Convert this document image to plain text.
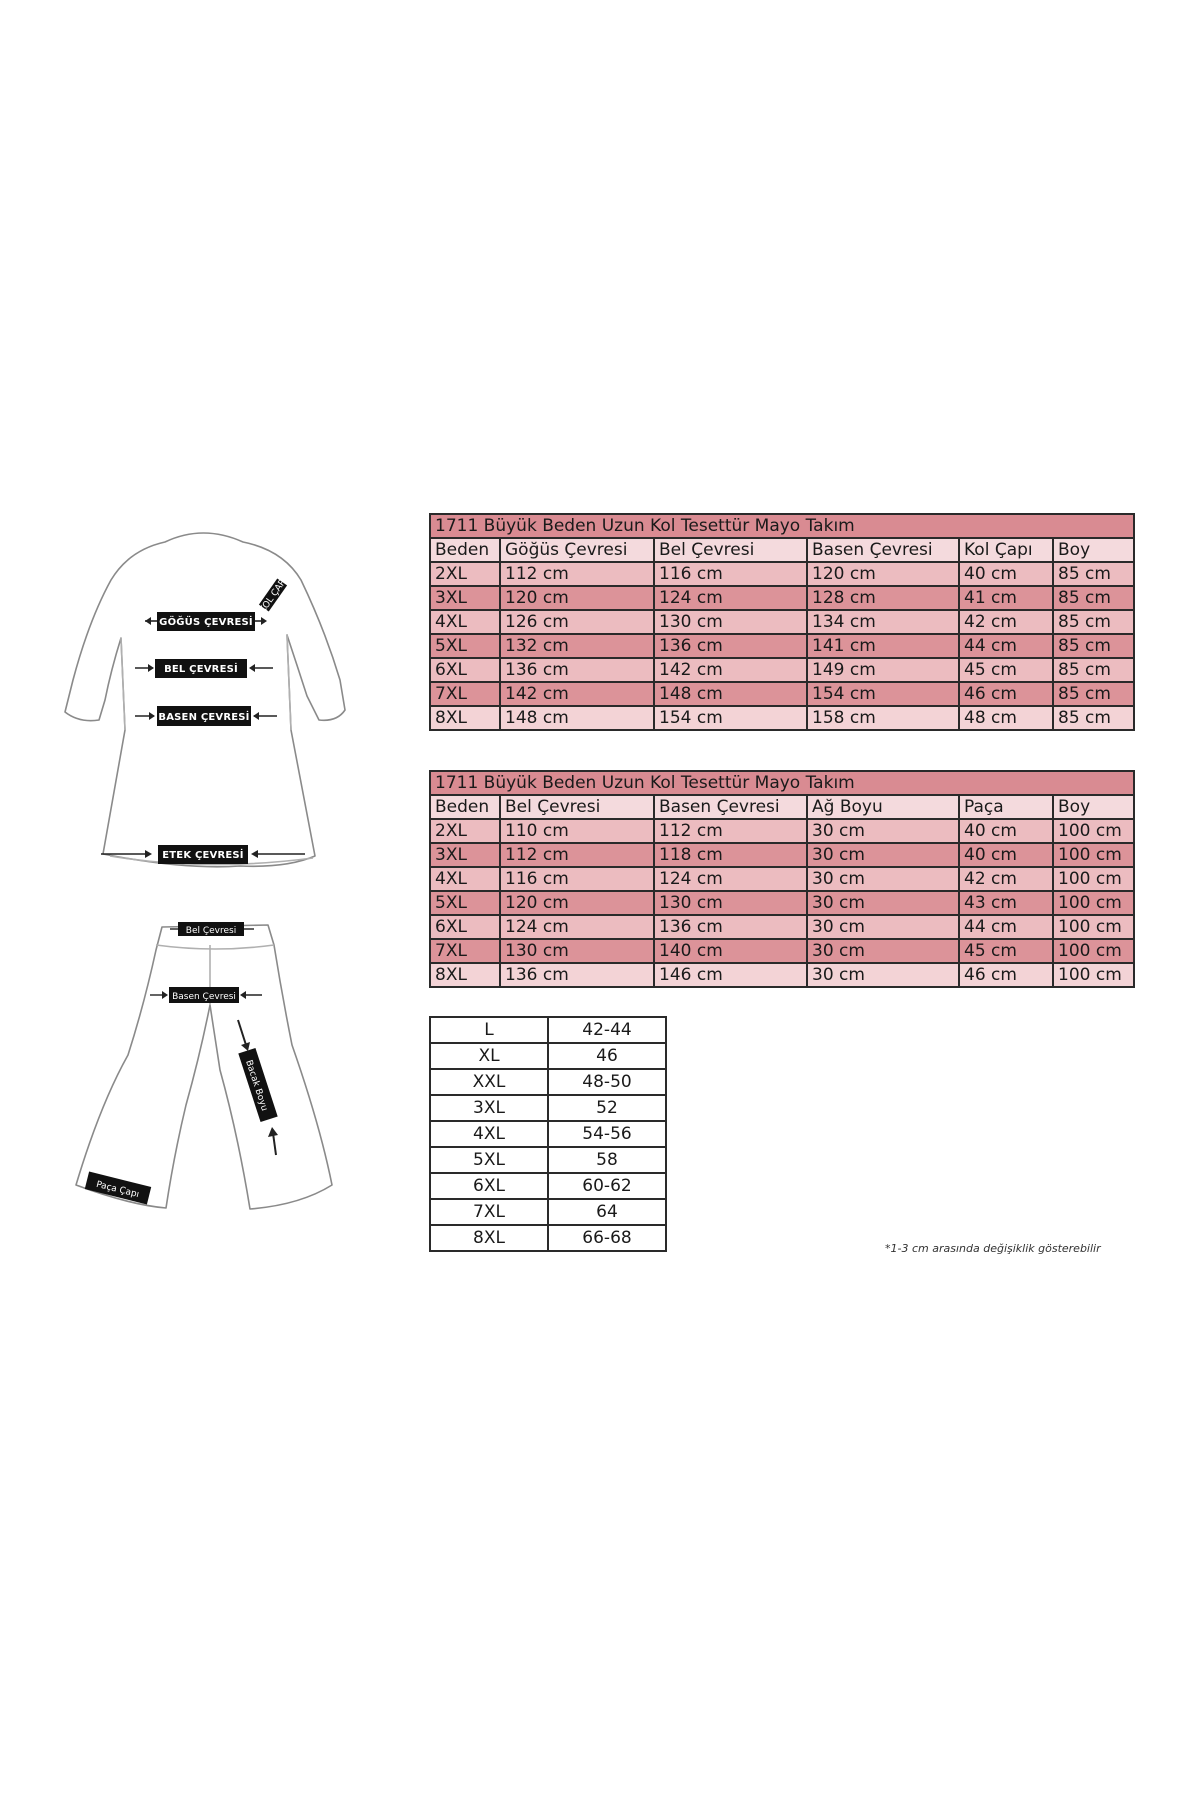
GÖĞÜS ÇEVRESİ
KOL ÇAPI
BEL ÇEVRESİ
BASEN ÇEVRESİ
ETEK ÇEVRESİ
Bel Çevresi
Basen Çevresi
Bacak Boyu
Paça Çapı
1711 Büyük Beden Uzun Kol Tesettür Mayo Takım					
Beden	Göğüs Çevresi	Bel Çevresi	Basen Çevresi	Kol Çapı	Boy
2XL	112 cm	116 cm	120 cm	40 cm	85 cm
3XL	120 cm	124 cm	128 cm	41 cm	85 cm
4XL	126 cm	130 cm	134 cm	42 cm	85 cm
5XL	132 cm	136 cm	141 cm	44 cm	85 cm
6XL	136 cm	142 cm	149 cm	45 cm	85 cm
7XL	142 cm	148 cm	154 cm	46 cm	85 cm
8XL	148 cm	154 cm	158 cm	48 cm	85 cm
1711 Büyük Beden Uzun Kol Tesettür Mayo Takım					
Beden	Bel Çevresi	Basen Çevresi	Ağ Boyu	Paça	Boy
2XL	110 cm	112 cm	30 cm	40 cm	100 cm
3XL	112 cm	118 cm	30 cm	40 cm	100 cm
4XL	116 cm	124 cm	30 cm	42 cm	100 cm
5XL	120 cm	130 cm	30 cm	43 cm	100 cm
6XL	124 cm	136 cm	30 cm	44 cm	100 cm
7XL	130 cm	140 cm	30 cm	45 cm	100 cm
8XL	136 cm	146 cm	30 cm	46 cm	100 cm
L	42-44
XL	46
XXL	48-50
3XL	52
4XL	54-56
5XL	58
6XL	60-62
7XL	64
8XL	66-68
*1-3 cm arasında değişiklik gösterebilir
